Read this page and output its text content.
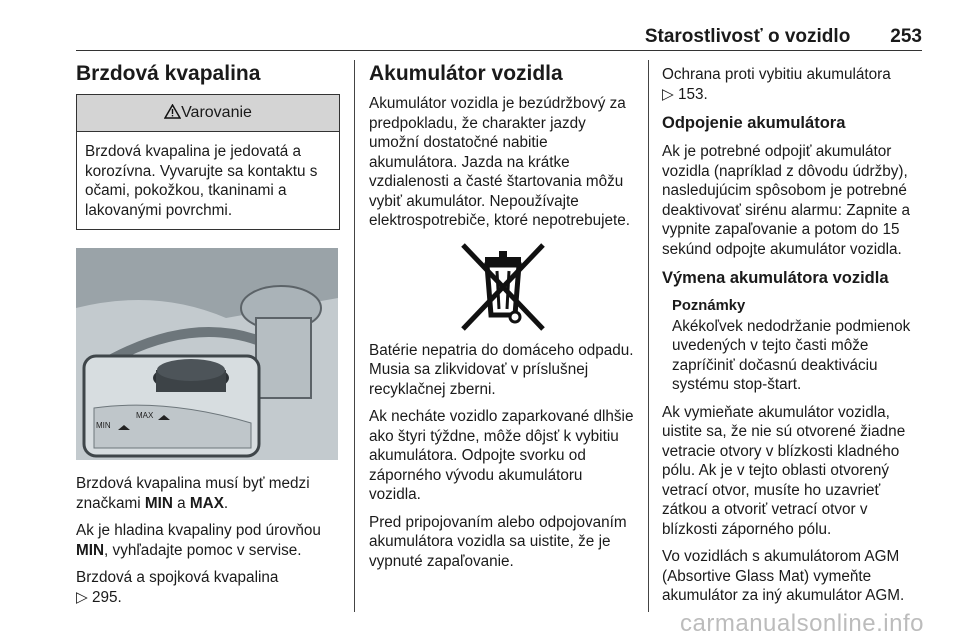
Starostlivosť o vozidlo 253
Brzdová kvapalina
Varovanie
Brzdová kvapalina je jedovatá a korozívna. Vyvarujte sa kontaktu s očami, pokožkou, tkaninami a lakovanými povrchmi.
MAX
MIN

Brzdová kvapalina musí byť medzi značkami MIN a MAX.

Ak je hladina kvapaliny pod úrovňou MIN, vyhľadajte pomoc v servise.

Brzdová a spojková kvapalina
▷ 295.

Akumulátor vozidla

Akumulátor vozidla je bezúdržbový za predpokladu, že charakter jazdy umožní dostatočné nabitie akumulátora. Jazda na krátke vzdialenosti a časté štartovania môžu vybiť akumulátor. Nepoužívajte elektrospotrebiče, ktoré nepotrebujete.

Batérie nepatria do domáceho odpadu. Musia sa zlikvidovať v príslušnej recyklačnej zberni.

Ak necháte vozidlo zaparkované dlhšie ako štyri týždne, môže dôjsť k vybitiu akumulátora. Odpojte svorku od záporného vývodu akumulátoru vozidla.

Pred pripojovaním alebo odpojovaním akumulátora vozidla sa uistite, že je vypnuté zapaľovanie.

Ochrana proti vybitiu akumulátora
▷ 153.

Odpojenie akumulátora

Ak je potrebné odpojiť akumulátor vozidla (napríklad z dôvodu údržby), nasledujúcim spôsobom je potrebné deaktivovať sirénu alarmu: Zapnite a vypnite zapaľovanie a potom do 15 sekúnd odpojte akumulátor vozidla.

Výmena akumulátora vozidla
Poznámky

Akékoľvek nedodržanie podmienok uvedených v tejto časti môže zapríčiniť dočasnú deaktiváciu systému stop-štart.

Ak vymieňate akumulátor vozidla, uistite sa, že nie sú otvorené žiadne vetracie otvory v blízkosti kladného pólu. Ak je v tejto oblasti otvorený vetrací otvor, musíte ho uzavrieť zátkou a otvoriť vetrací otvor v blízkosti záporného pólu.

Vo vozidlách s akumulátorom AGM (Absortive Glass Mat) vymeňte akumulátor za iný akumulátor AGM.

carmanualsonline.info
